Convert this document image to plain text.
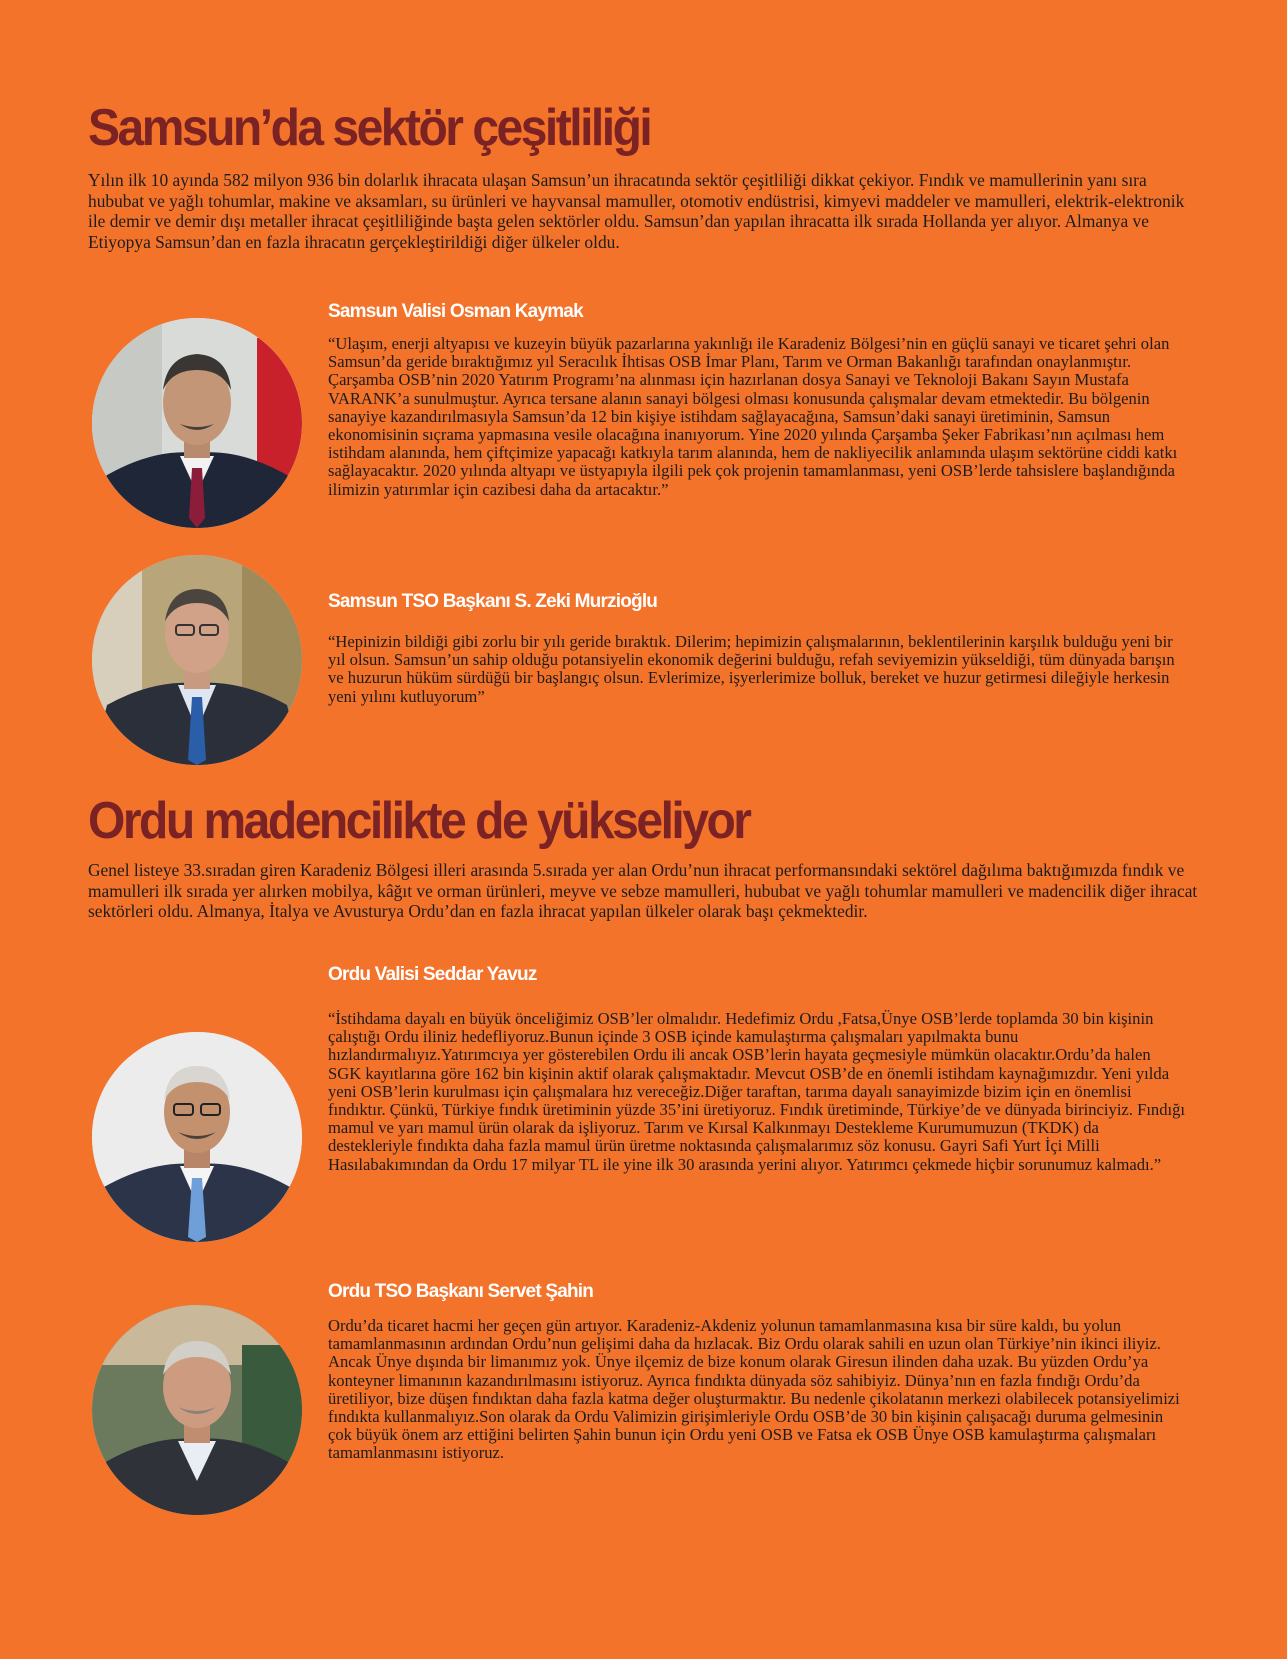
Samsun’da sektör çeşitliliği

Yılın ilk 10 ayında 582 milyon 936 bin dolarlık ihracata ulaşan Samsun’un ihracatında sektör çeşitliliği dikkat çekiyor. Fındık ve mamullerinin yanı sıra hububat ve yağlı tohumlar, makine ve aksamları, su ürünleri ve hayvansal mamuller, otomotiv endüstrisi, kimyevi maddeler ve mamulleri, elektrik-elektronik ile demir ve demir dışı metaller ihracat çeşitliliğinde başta gelen sektörler oldu. Samsun’dan yapılan ihracatta ilk sırada Hollanda yer alıyor. Almanya ve Etiyopya Samsun’dan en fazla ihracatın gerçekleştirildiği diğer ülkeler oldu.

Samsun Valisi Osman Kaymak

“Ulaşım, enerji altyapısı ve kuzeyin büyük pazarlarına yakınlığı ile Karadeniz Bölgesi’nin en güçlü sanayi ve ticaret şehri olan Samsun’da geride bıraktığımız yıl Seracılık İhtisas OSB İmar Planı, Tarım ve Orman Bakanlığı tarafından onaylanmıştır. Çarşamba OSB’nin 2020 Yatırım Programı’na alınması için hazırlanan dosya Sanayi ve Teknoloji Bakanı Sayın Mustafa VARANK’a sunulmuştur. Ayrıca tersane alanın sanayi bölgesi olması konusunda çalışmalar devam etmektedir. Bu bölgenin sanayiye kazandırılmasıyla Samsun’da 12 bin kişiye istihdam sağlayacağına, Samsun’daki sanayi üretiminin, Samsun ekonomisinin sıçrama yapmasına vesile olacağına inanıyorum. Yine 2020 yılında Çarşamba Şeker Fabrikası’nın açılması hem istihdam alanında, hem çiftçimize yapacağı katkıyla tarım alanında, hem de nakliyecilik anlamında ulaşım sektörüne ciddi katkı sağlayacaktır. 2020 yılında altyapı ve üstyapıyla ilgili pek çok projenin tamamlanması, yeni OSB’lerde tahsislere başlandığında ilimizin yatırımlar için cazibesi daha da artacaktır.”

Samsun TSO Başkanı S. Zeki Murzioğlu

“Hepinizin bildiği gibi zorlu bir yılı geride bıraktık. Dilerim; hepimizin çalışmalarının, beklentilerinin karşılık bulduğu yeni bir yıl olsun. Samsun’un sahip olduğu potansiyelin ekonomik değerini bulduğu, refah seviyemizin yükseldiği, tüm dünyada barışın ve huzurun hüküm sürdüğü bir başlangıç olsun. Evlerimize, işyerlerimize bolluk, bereket ve huzur getirmesi dileğiyle herkesin yeni yılını kutluyorum”

Ordu madencilikte de yükseliyor

Genel listeye 33.sıradan giren Karadeniz Bölgesi illeri arasında 5.sırada yer alan Ordu’nun ihracat performansındaki sektörel dağılıma baktığımızda fındık ve mamulleri ilk sırada yer alırken mobilya, kâğıt ve orman ürünleri, meyve ve sebze mamulleri, hububat ve yağlı tohumlar mamulleri ve madencilik diğer ihracat sektörleri oldu. Almanya, İtalya ve Avusturya Ordu’dan en fazla ihracat yapılan ülkeler olarak başı çekmektedir.

Ordu Valisi Seddar Yavuz

“İstihdama dayalı en büyük önceliğimiz OSB’ler olmalıdır. Hedefimiz Ordu ,Fatsa,Ünye OSB’lerde toplamda 30 bin kişinin çalıştığı Ordu iliniz hedefliyoruz.Bunun içinde 3 OSB içinde kamulaştırma çalışmaları yapılmakta bunu hızlandırmalıyız.Yatırımcıya yer gösterebilen Ordu ili ancak OSB’lerin hayata geçmesiyle mümkün olacaktır.Ordu’da halen SGK kayıtlarına göre 162 bin kişinin aktif olarak çalışmaktadır. Mevcut OSB’de en önemli istihdam kaynağımızdır. Yeni yılda yeni OSB’lerin kurulması için çalışmalara hız vereceğiz.Diğer taraftan, tarıma dayalı sanayimizde bizim için en önemlisi fındıktır. Çünkü, Türkiye fındık üretiminin yüzde 35’ini üretiyoruz. Fındık üretiminde, Türkiye’de ve dünyada birinciyiz. Fındığı mamul ve yarı mamul ürün olarak da işliyoruz. Tarım ve Kırsal Kalkınmayı Destekleme Kurumumuzun (TKDK) da destekleriyle fındıkta daha fazla mamul ürün üretme noktasında çalışmalarımız söz konusu. Gayri Safi Yurt İçi Milli Hasılabakımından da Ordu 17 milyar TL ile yine ilk 30 arasında yerini alıyor. Yatırımcı çekmede hiçbir sorunumuz kalmadı.”

Ordu TSO Başkanı Servet Şahin

Ordu’da ticaret hacmi her geçen gün artıyor. Karadeniz-Akdeniz yolunun tamamlanmasına kısa bir süre kaldı, bu yolun tamamlanmasının ardından Ordu’nun gelişimi daha da hızlacak. Biz Ordu olarak sahili en uzun olan Türkiye’nin ikinci iliyiz. Ancak Ünye dışında bir limanımız yok. Ünye ilçemiz de bize konum olarak Giresun ilinden daha uzak. Bu yüzden Ordu’ya konteyner limanının kazandırılmasını istiyoruz. Ayrıca fındıkta dünyada söz sahibiyiz. Dünya’nın en fazla fındığı Ordu’da üretiliyor, bize düşen fındıktan daha fazla katma değer oluşturmaktır. Bu nedenle çikolatanın merkezi olabilecek potansiyelimizi fındıkta kullanmalıyız.Son olarak da Ordu Valimizin girişimleriyle Ordu OSB’de 30 bin kişinin çalışacağı duruma gelmesinin çok büyük önem arz ettiğini belirten Şahin bunun için Ordu yeni OSB ve Fatsa ek OSB Ünye OSB kamulaştırma çalışmaları tamamlanmasını istiyoruz.
